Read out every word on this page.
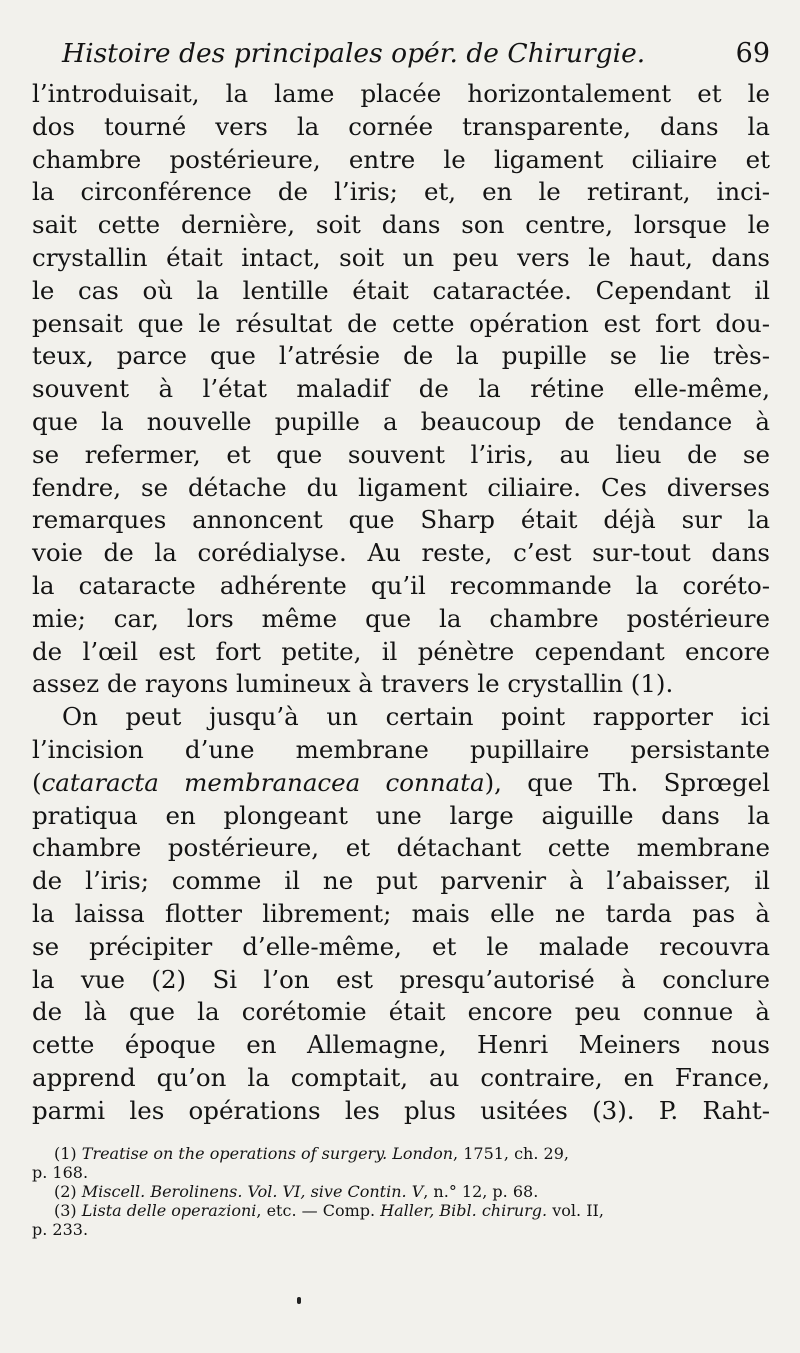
Histoire des principales opér. de Chirurgie.	69
l’introduisait, la lame placée horizontalement et le
dos tourné vers la cornée transparente, dans la
chambre postérieure, entre le ligament ciliaire et
la circonférence de l’iris; et, en le retirant, inci-
sait cette dernière, soit dans son centre, lorsque le
crystallin était intact, soit un peu vers le haut, dans
le cas où la lentille était cataractée. Cependant il
pensait que le résultat de cette opération est fort dou-
teux, parce que l’atrésie de la pupille se lie très-
souvent à l’état maladif de la rétine elle-même,
que la nouvelle pupille a beaucoup de tendance à
se refermer, et que souvent l’iris, au lieu de se
fendre, se détache du ligament ciliaire. Ces diverses
remarques annoncent que Sharp était déjà sur la
voie de la corédialyse. Au reste, c’est sur-tout dans
la cataracte adhérente qu’il recommande la coréto-
mie; car, lors même que la chambre postérieure
de l’œil est fort petite, il pénètre cependant encore
assez de rayons lumineux à travers le crystallin (1).
On peut jusqu’à un certain point rapporter ici
l’incision d’une membrane pupillaire persistante
(cataracta membranacea connata), que Th. Sprœgel
pratiqua en plongeant une large aiguille dans la
chambre postérieure, et détachant cette membrane
de l’iris; comme il ne put parvenir à l’abaisser, il
la laissa flotter librement; mais elle ne tarda pas à
se précipiter d’elle-même, et le malade recouvra
la vue (2) Si l’on est presqu’autorisé à conclure
de là que la corétomie était encore peu connue à
cette époque en Allemagne, Henri Meiners nous
apprend qu’on la comptait, au contraire, en France,
parmi les opérations les plus usitées (3). P. Raht-
(1) Treatise on the operations of surgery. London, 1751, ch. 29,
p. 168.
(2) Miscell. Berolinens. Vol. VI, sive Contin. V, n.° 12, p. 68.
(3) Lista delle operazioni, etc. — Comp. Haller, Bibl. chirurg. vol. II,
p. 233.
